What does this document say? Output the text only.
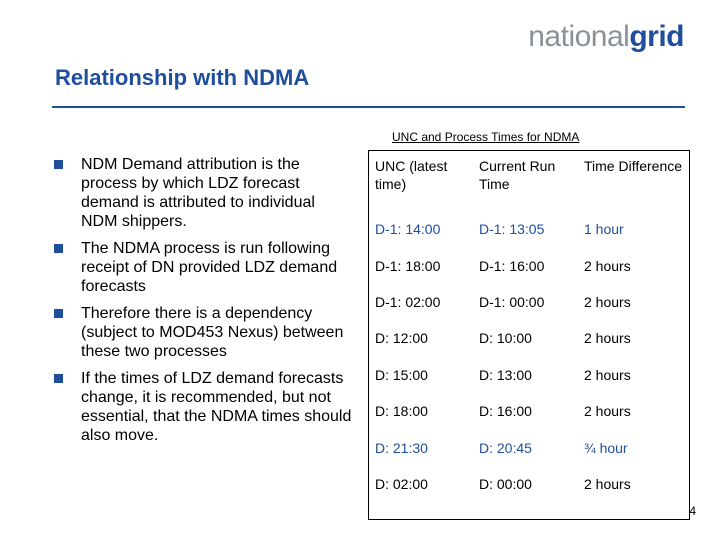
nationalgrid
Relationship with NDMA
UNC and Process Times for NDMA
NDM Demand attribution is the process by which LDZ forecast demand is attributed to individual NDM shippers.
The NDMA process is run following receipt of DN provided LDZ demand forecasts
Therefore there is a dependency (subject to MOD453 Nexus) between these two processes
If the times of LDZ demand forecasts change, it is recommended, but not essential, that the NDMA times should also move.
UNC (latest time)	Current Run Time	Time Difference
D-1: 14:00	D-1: 13:05	1 hour
D-1: 18:00	D-1: 16:00	2 hours
D-1: 02:00	D-1: 00:00	2 hours
D: 12:00	D: 10:00	2 hours
D: 15:00	D: 13:00	2 hours
D: 18:00	D: 16:00	2 hours
D: 21:30	D: 20:45	¾ hour
D: 02:00	D: 00:00	2 hours
4
